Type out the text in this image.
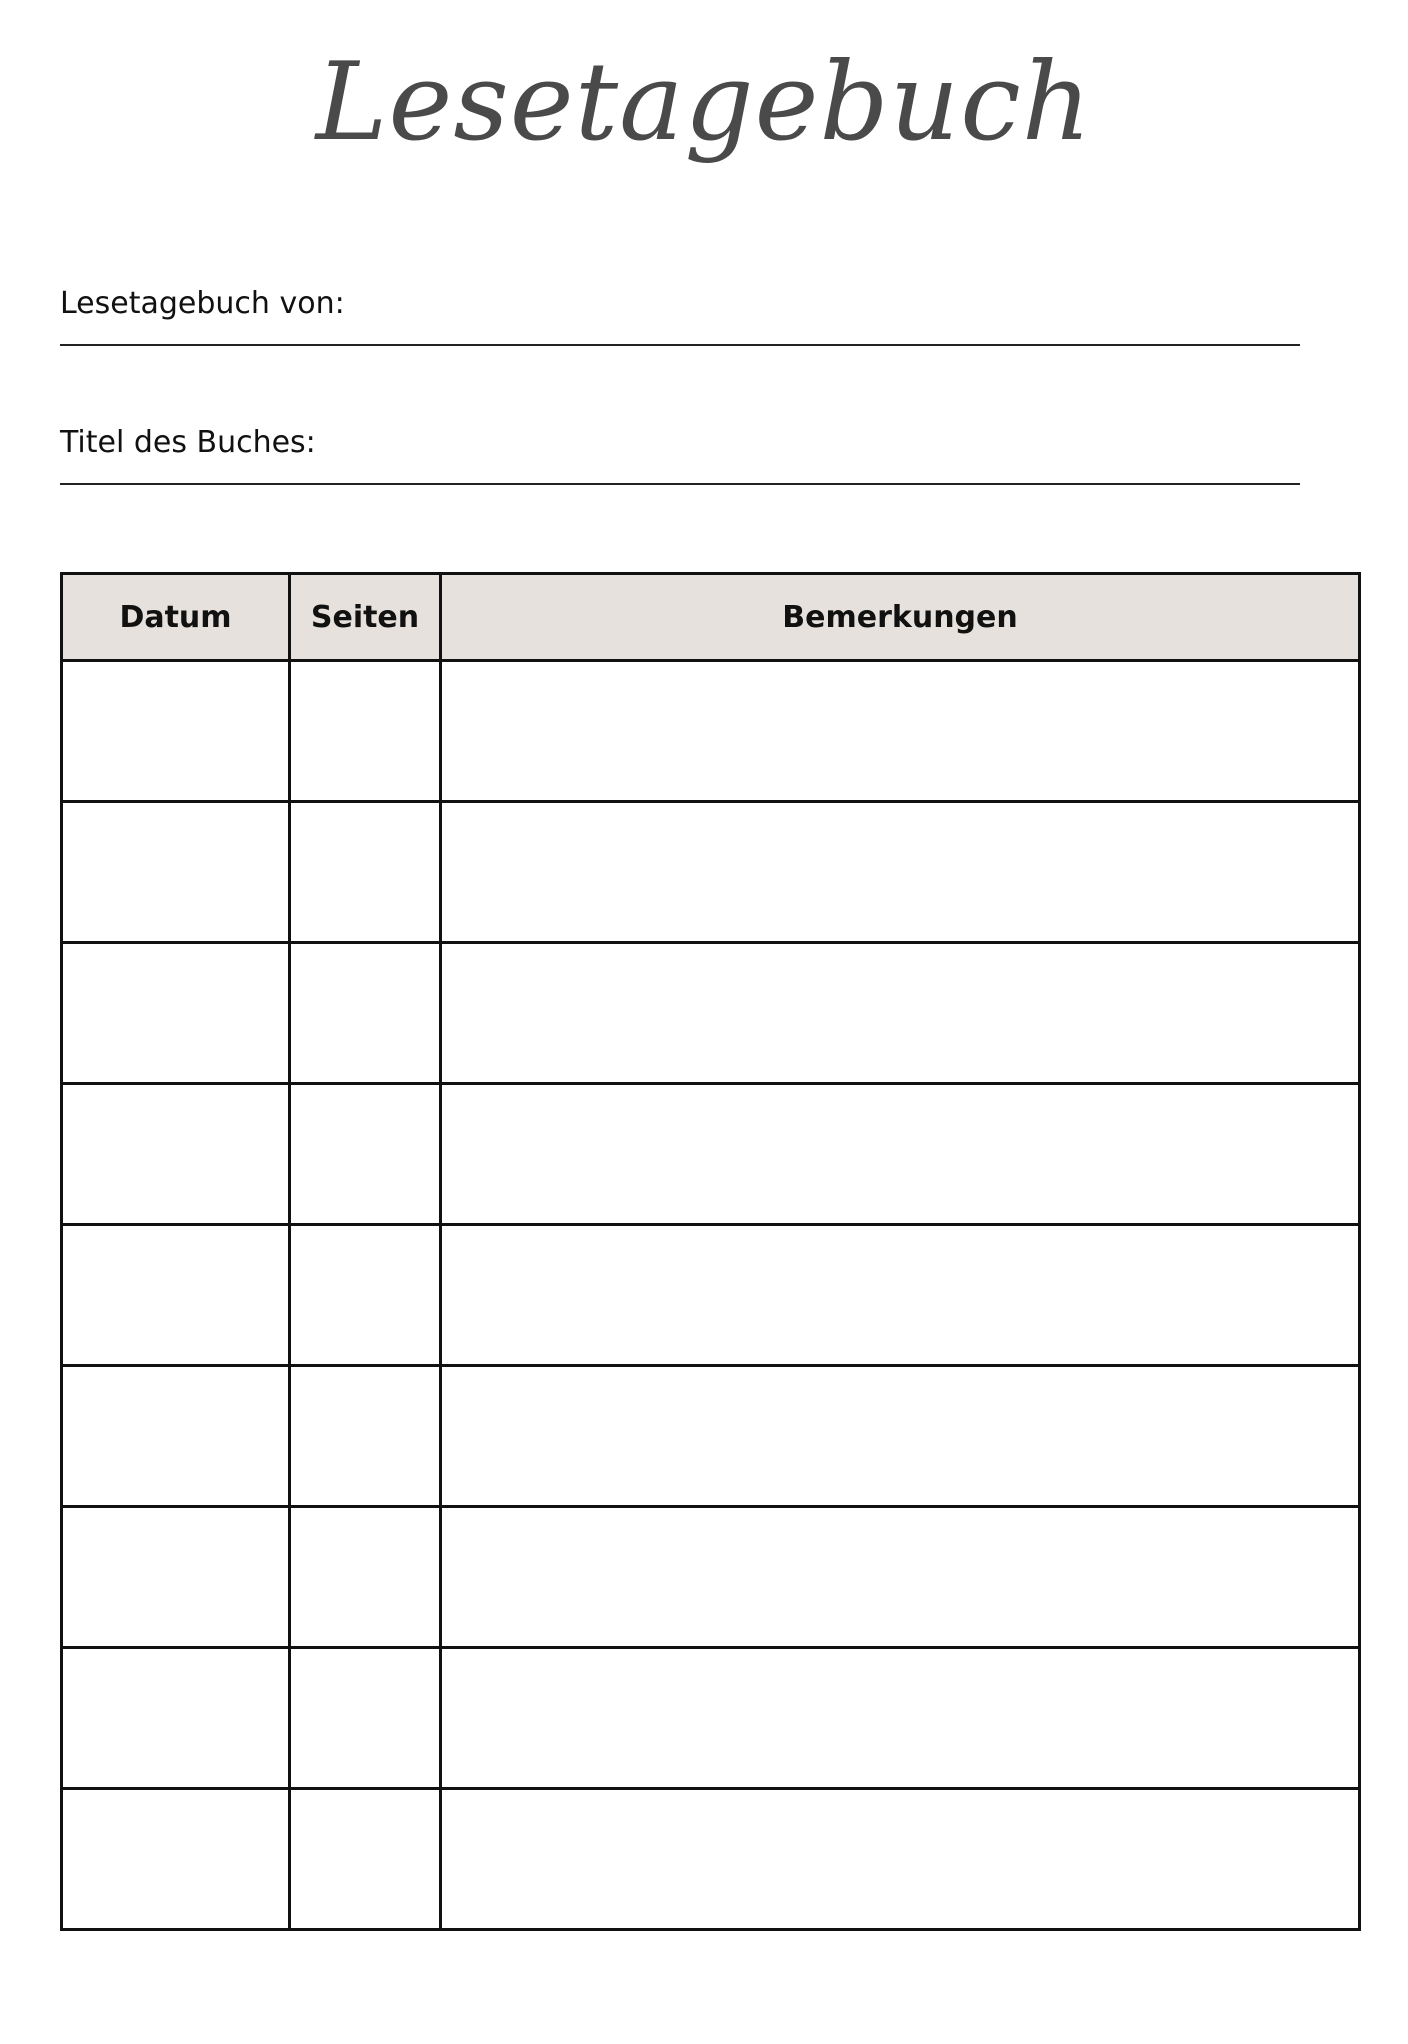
Lesetagebuch
Lesetagebuch von:
Titel des Buches:
Datum	Seiten	Bemerkungen
